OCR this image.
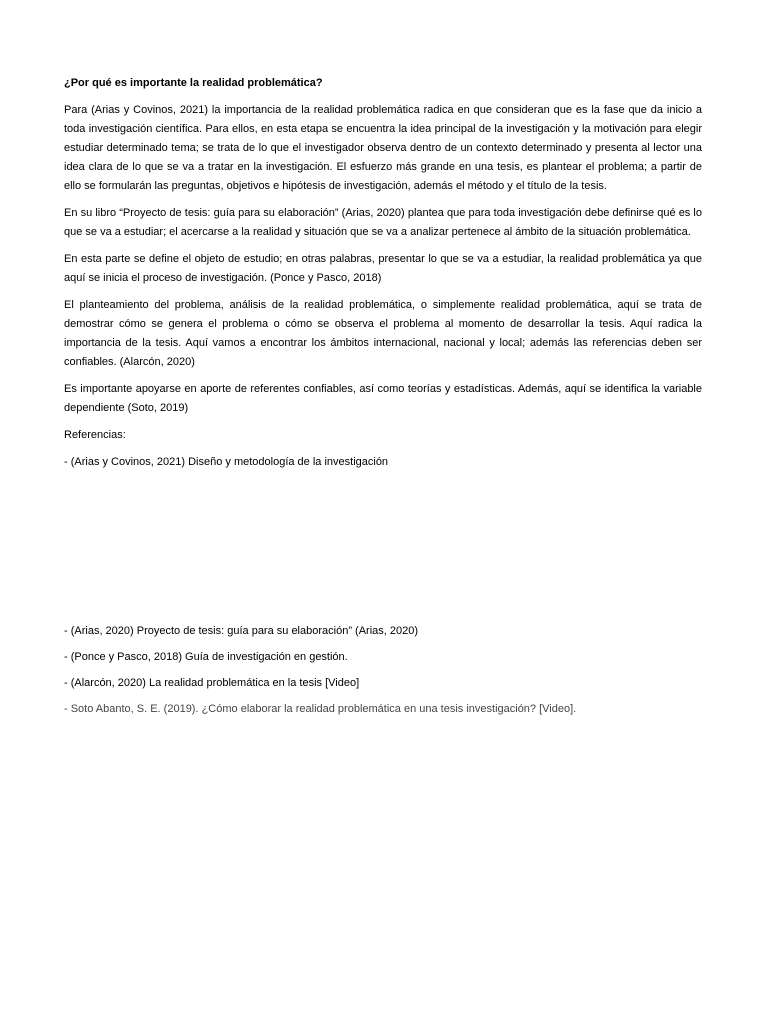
¿Por qué es importante la realidad problemática?

Para (Arias y Covinos, 2021) la importancia de la realidad problemática radica en que consideran que es la fase que da inicio a toda investigación científica. Para ellos, en esta etapa se encuentra la idea principal de la investigación y la motivación para elegir estudiar determinado tema; se trata de lo que el investigador observa dentro de un contexto determinado y presenta al lector una idea clara de lo que se va a tratar en la investigación. El esfuerzo más grande en una tesis, es plantear el problema; a partir de ello se formularán las preguntas, objetivos e hipótesis de investigación, además el método y el título de la tesis.

En su libro “Proyecto de tesis: guía para su elaboración” (Arias, 2020) plantea que para toda investigación debe definirse qué es lo que se va a estudiar; el acercarse a la realidad y situación que se va a analizar pertenece al ámbito de la situación problemática.

En esta parte se define el objeto de estudio; en otras palabras, presentar lo que se va a estudiar, la realidad problemática ya que aquí se inicia el proceso de investigación. (Ponce y Pasco, 2018)

El planteamiento del problema, análisis de la realidad problemática, o simplemente realidad problemática, aquí se trata de demostrar cómo se genera el problema o cómo se observa el problema al momento de desarrollar la tesis. Aquí radica la importancia de la tesis. Aquí vamos a encontrar los ámbitos internacional, nacional y local; además las referencias deben ser confiables. (Alarcón, 2020)

Es importante apoyarse en aporte de referentes confiables, así como teorías y estadísticas. Además, aquí se identifica la variable dependiente (Soto, 2019)

Referencias:
- (Arias y Covinos, 2021) Diseño y metodología de la investigación
- (Arias, 2020) Proyecto de tesis: guía para su elaboración” (Arias, 2020)
- (Ponce y Pasco, 2018) Guía de investigación en gestión.
- (Alarcón, 2020) La realidad problemática en la tesis [Video]
- Soto Abanto, S. E. (2019). ¿Cómo elaborar la realidad problemática en una tesis investigación? [Video].
